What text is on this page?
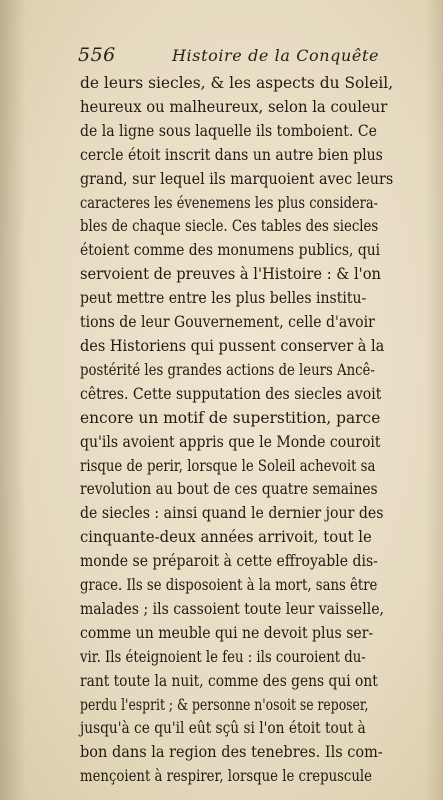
556	Histoire de la Conquête
de leurs siecles, & les aspects du Soleil,
heureux ou malheureux, selon la couleur
de la ligne sous laquelle ils tomboient. Ce
cercle étoit inscrit dans un autre bien plus
grand, sur lequel ils marquoient avec leurs
caracteres les évenemens les plus considera-
bles de chaque siecle. Ces tables des siecles
étoient comme des monumens publics, qui
servoient de preuves à l'Histoire : & l'on
peut mettre entre les plus belles institu-
tions de leur Gouvernement, celle d'avoir
des Historiens qui pussent conserver à la
postérité les grandes actions de leurs Ancê-
cêtres. Cette supputation des siecles avoit
encore un motif de superstition, parce
qu'ils avoient appris que le Monde couroit
risque de perir, lorsque le Soleil achevoit sa
revolution au bout de ces quatre semaines
de siecles : ainsi quand le dernier jour des
cinquante-deux années arrivoit, tout le
monde se préparoit à cette effroyable dis-
grace. Ils se disposoient à la mort, sans être
malades ; ils cassoient toute leur vaisselle,
comme un meuble qui ne devoit plus ser-
vir. Ils éteignoient le feu : ils couroient du-
rant toute la nuit, comme des gens qui ont
perdu l'esprit ; & personne n'osoit se reposer,
jusqu'à ce qu'il eût sçû si l'on étoit tout à
bon dans la region des tenebres. Ils com-
mençoient à respirer, lorsque le crepuscule
